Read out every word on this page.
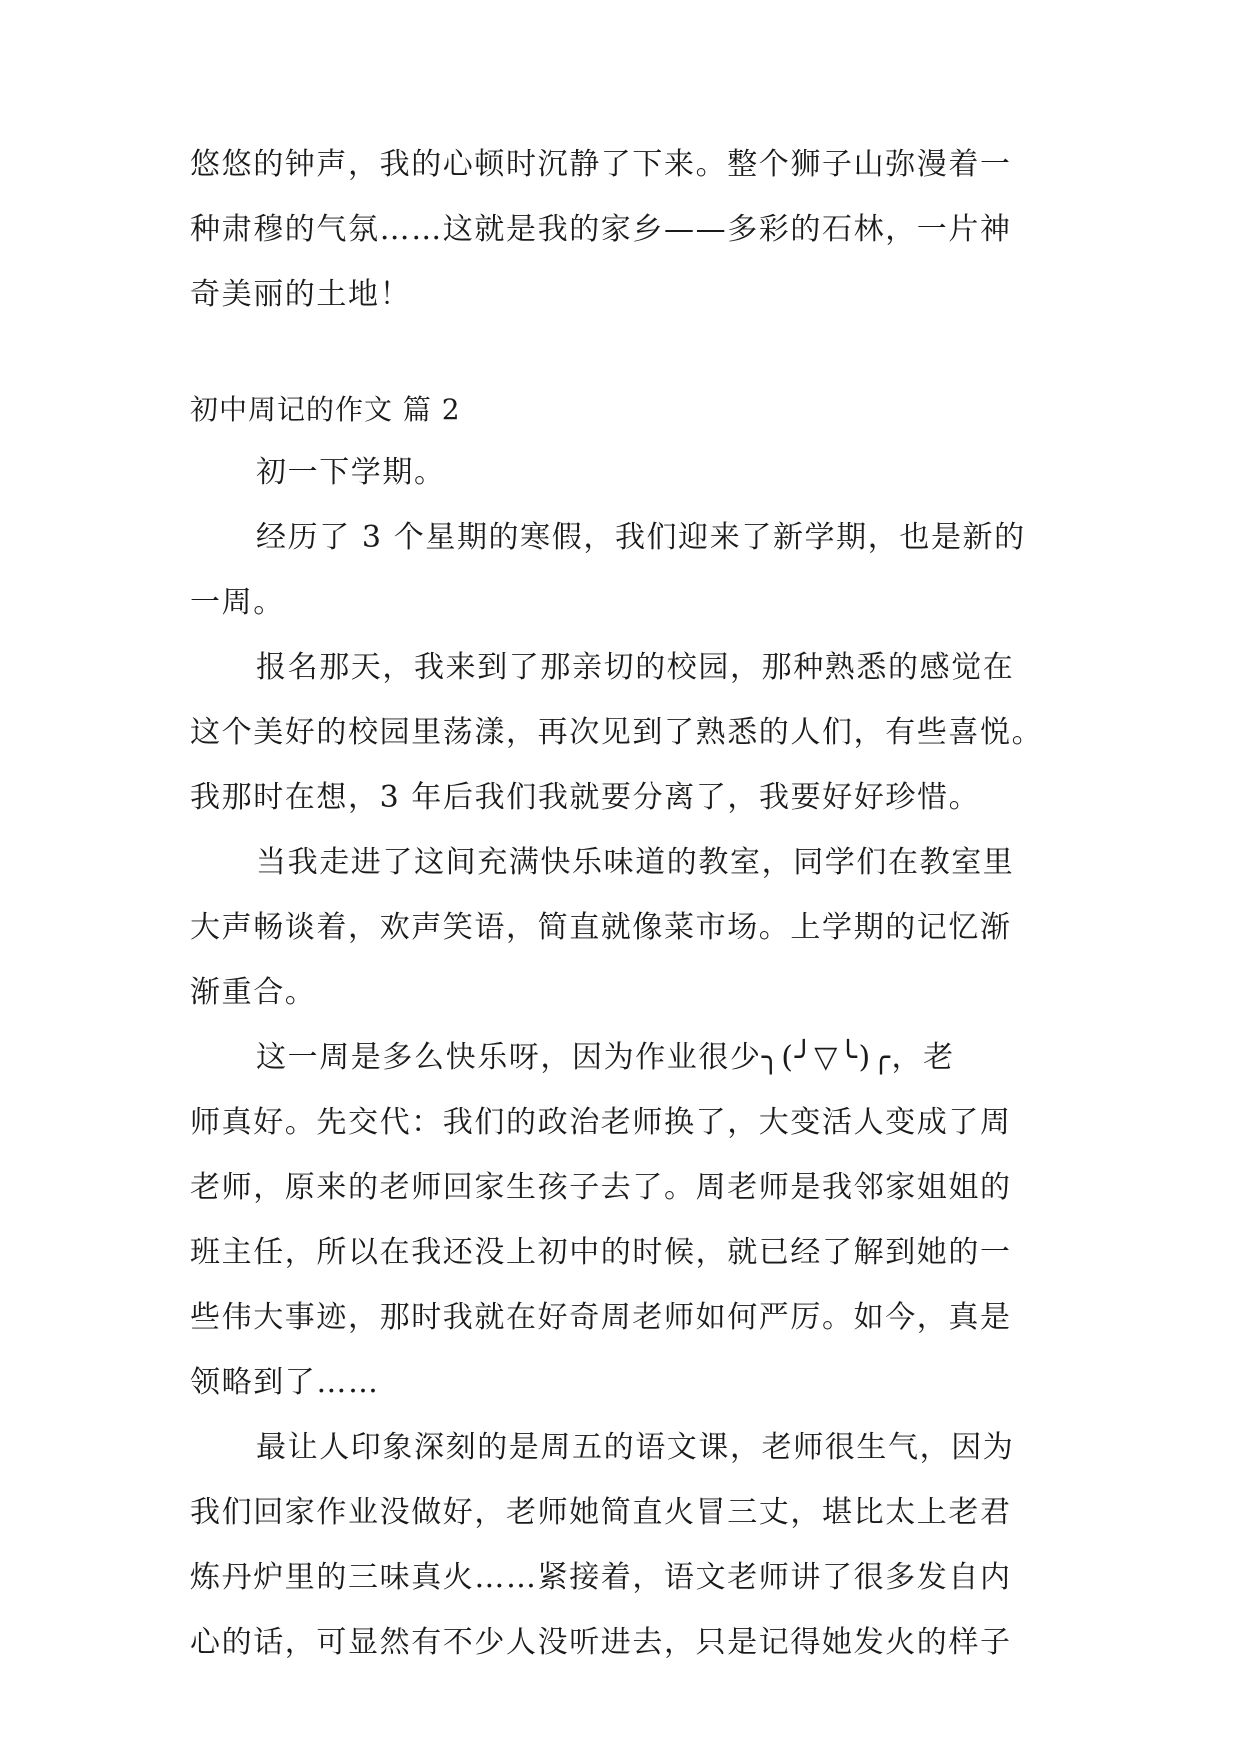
悠悠的钟声，我的心顿时沉静了下来。整个狮子山弥漫着一
种肃穆的气氛……这就是我的家乡——多彩的石林，一片神
奇美丽的土地！
初中周记的作文 篇 2
初一下学期。
经历了 3 个星期的寒假，我们迎来了新学期，也是新的
一周。
报名那天，我来到了那亲切的校园，那种熟悉的感觉在
这个美好的校园里荡漾，再次见到了熟悉的人们，有些喜悦。
我那时在想，3 年后我们我就要分离了，我要好好珍惜。
当我走进了这间充满快乐味道的教室，同学们在教室里
大声畅谈着，欢声笑语，简直就像菜市场。上学期的记忆渐
渐重合。
这一周是多么快乐呀，因为作业很少╮(╯▽╰)╭，老
师真好。先交代：我们的政治老师换了，大变活人变成了周
老师，原来的老师回家生孩子去了。周老师是我邻家姐姐的
班主任，所以在我还没上初中的时候，就已经了解到她的一
些伟大事迹，那时我就在好奇周老师如何严厉。如今，真是
领略到了……
最让人印象深刻的是周五的语文课，老师很生气，因为
我们回家作业没做好，老师她简直火冒三丈，堪比太上老君
炼丹炉里的三味真火……紧接着，语文老师讲了很多发自内
心的话，可显然有不少人没听进去，只是记得她发火的样子
